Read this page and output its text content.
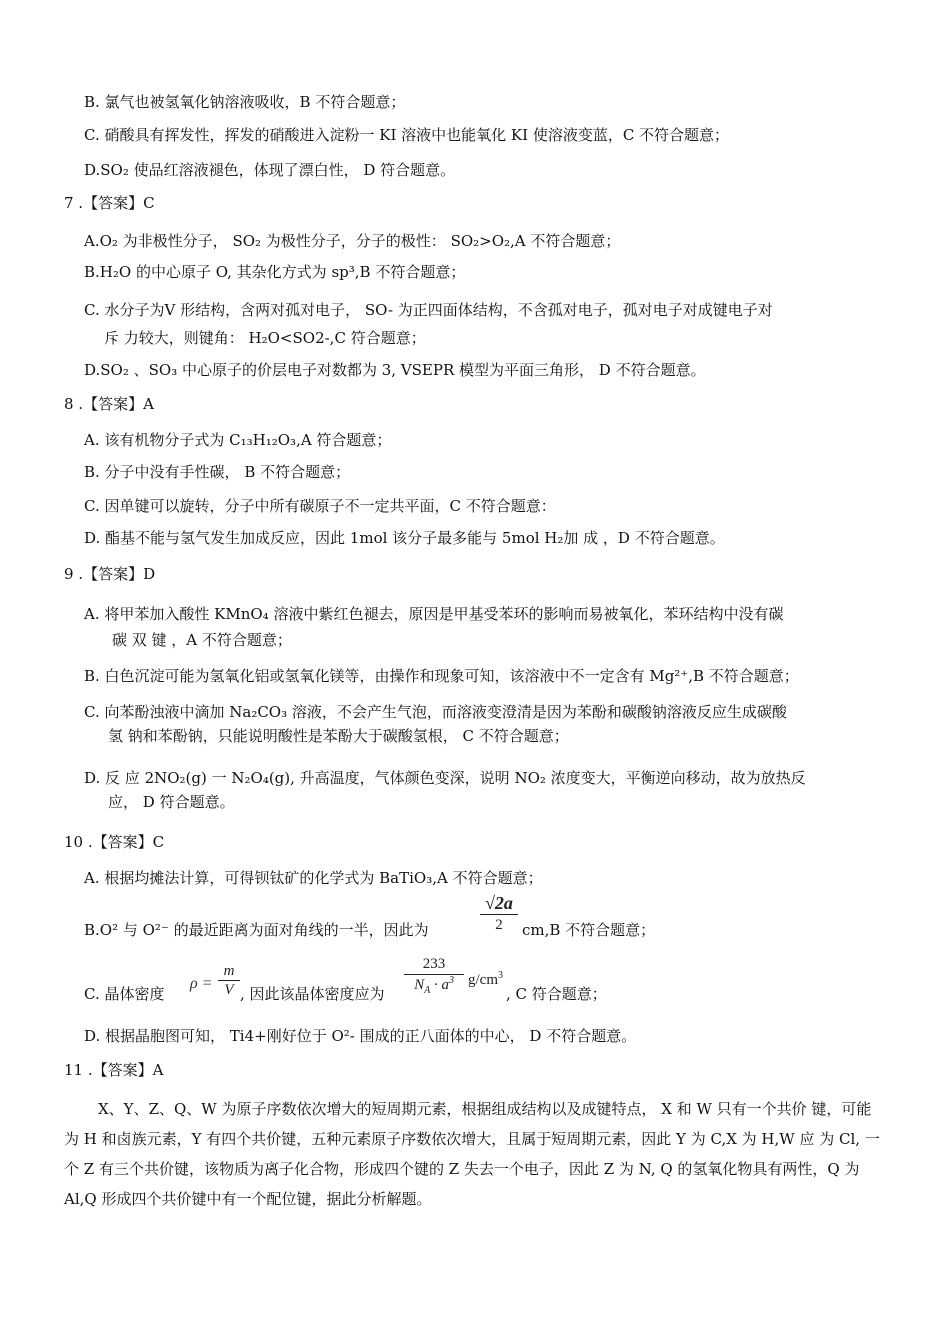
B. 氯气也被氢氧化钠溶液吸收，B 不符合题意；
C. 硝酸具有挥发性，挥发的硝酸进入淀粉一 KI 溶液中也能氧化 KI 使溶液变蓝，C 不符合题意；
D.SO₂ 使品红溶液褪色，体现了漂白性， D 符合题意。
7 .【答案】C
A.O₂ 为非极性分子， SO₂ 为极性分子，分子的极性： SO₂>O₂,A 不符合题意；
B.H₂O 的中心原子 O, 其杂化方式为 sp³,B 不符合题意；
C. 水分子为V 形结构，含两对孤对电子， SO- 为正四面体结构，不含孤对电子，孤对电子对成键电子对
斥 力较大，则键角： H₂O<SO2-,C 符合题意；
D.SO₂ 、SO₃ 中心原子的价层电子对数都为 3, VSEPR 模型为平面三角形， D 不符合题意。
8 .【答案】A
A. 该有机物分子式为 C₁₃H₁₂O₃,A 符合题意；
B. 分子中没有手性碳， B 不符合题意；
C. 因单键可以旋转，分子中所有碳原子不一定共平面，C 不符合题意：
D. 酯基不能与氢气发生加成反应，因此 1mol 该分子最多能与 5mol H₂加 成 ，D 不符合题意。
9 .【答案】D
A. 将甲苯加入酸性 KMnO₄ 溶液中紫红色褪去，原因是甲基受苯环的影响而易被氧化，苯环结构中没有碳
碳 双 键 ，A 不符合题意；
B. 白色沉淀可能为氢氧化铝或氢氧化镁等，由操作和现象可知，该溶液中不一定含有 Mg²⁺,B 不符合题意；
C. 向苯酚浊液中滴加 Na₂CO₃ 溶液，不会产生气泡，而溶液变澄清是因为苯酚和碳酸钠溶液反应生成碳酸
氢 钠和苯酚钠，只能说明酸性是苯酚大于碳酸氢根， C 不符合题意；
D. 反 应 2NO₂(g) 一 N₂O₄(g), 升高温度，气体颜色变深，说明 NO₂ 浓度变大，平衡逆向移动，故为放热反
应， D 符合题意。
10 .【答案】C
A. 根据均摊法计算，可得钡钛矿的化学式为 BaTiO₃,A 不符合题意；
B.O² 与 O²⁻ 的最近距离为面对角线的一半，因此为
√2a
2	cm,B 不符合题意；
C. 晶体密度
$\rho = \frac{m}{V}$ , 因此该晶体密度应为 $\frac{233}{N_A \cdot a^3} g/cm^3$
, C 符合题意；
D. 根据晶胞图可知， Ti4+刚好位于 O²- 围成的正八面体的中心， D 不符合题意。
11 .【答案】A
X、Y、Z、Q、W 为原子序数依次增大的短周期元素，根据组成结构以及成键特点， X 和 W 只有一个共价 键，可能为 H 和卤族元素，Y 有四个共价键，五种元素原子序数依次增大，且属于短周期元素，因此 Y 为 C,X 为 H,W 应 为 Cl, 一 个 Z 有三个共价键，该物质为离子化合物，形成四个键的 Z 失去一个电子，因此 Z 为 N, Q 的氢氧化物具有两性，Q 为 Al,Q 形成四个共价键中有一个配位键，据此分析解题。
